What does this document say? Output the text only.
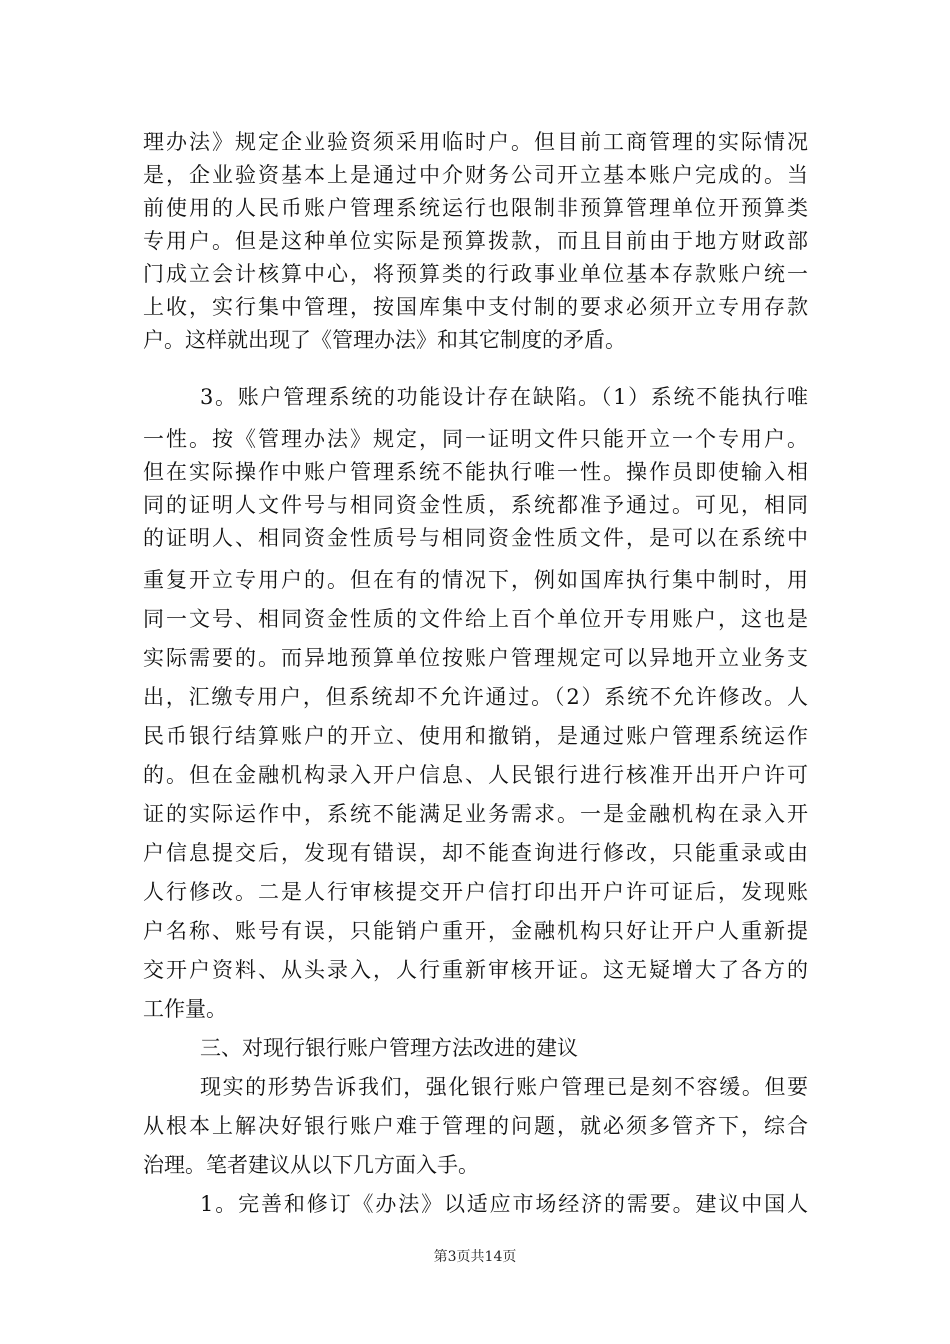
理办法》规定企业验资须采用临时户。但目前工商管理的实际情况
是，企业验资基本上是通过中介财务公司开立基本账户完成的。当
前使用的人民币账户管理系统运行也限制非预算管理单位开预算类
专用户。但是这种单位实际是预算拨款，而且目前由于地方财政部
门成立会计核算中心，将预算类的行政事业单位基本存款账户统一
上收，实行集中管理，按国库集中支付制的要求必须开立专用存款
户。这样就出现了《管理办法》和其它制度的矛盾。
3。账户管理系统的功能设计存在缺陷。（1）系统不能执行唯
一性。按《管理办法》规定，同一证明文件只能开立一个专用户。
但在实际操作中账户管理系统不能执行唯一性。操作员即使输入相
同的证明人文件号与相同资金性质，系统都准予通过。可见，相同
的证明人、相同资金性质号与相同资金性质文件，是可以在系统中
重复开立专用户的。但在有的情况下，例如国库执行集中制时，用
同一文号、相同资金性质的文件给上百个单位开专用账户，这也是
实际需要的。而异地预算单位按账户管理规定可以异地开立业务支
出，汇缴专用户，但系统却不允许通过。（2）系统不允许修改。人
民币银行结算账户的开立、使用和撤销，是通过账户管理系统运作
的。但在金融机构录入开户信息、人民银行进行核准开出开户许可
证的实际运作中，系统不能满足业务需求。一是金融机构在录入开
户信息提交后，发现有错误，却不能查询进行修改，只能重录或由
人行修改。二是人行审核提交开户信打印出开户许可证后，发现账
户名称、账号有误，只能销户重开，金融机构只好让开户人重新提
交开户资料、从头录入，人行重新审核开证。这无疑增大了各方的
工作量。
三、对现行银行账户管理方法改进的建议
现实的形势告诉我们，强化银行账户管理已是刻不容缓。但要
从根本上解决好银行账户难于管理的问题，就必须多管齐下，综合
治理。笔者建议从以下几方面入手。
1。完善和修订《办法》以适应市场经济的需要。建议中国人
第3页共14页
